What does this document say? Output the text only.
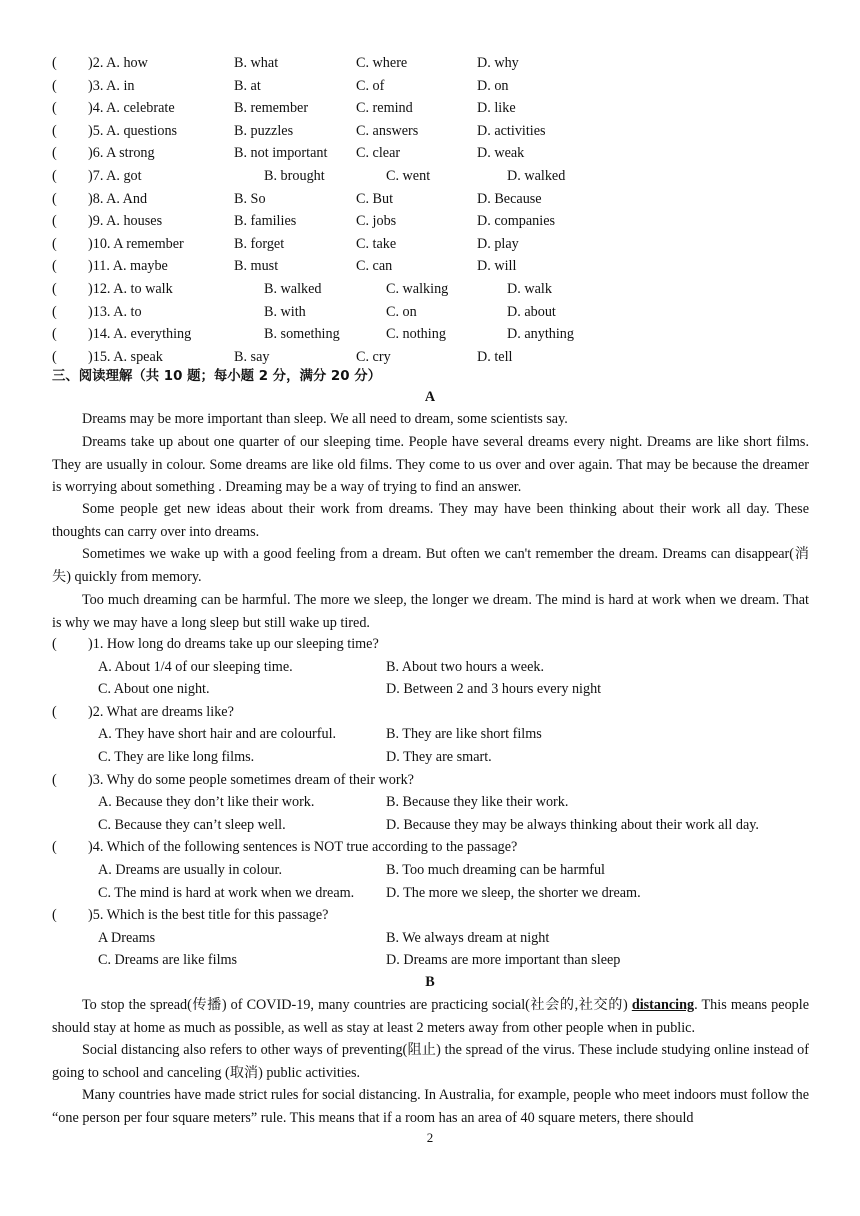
( )2. A. how	B. what	C. where	D. why
( )3. A. in	B. at	C. of	D. on
( )4. A. celebrate	B. remember	C. remind	D. like
( )5. A. questions	B. puzzles	C. answers	D. activities
( )6. A strong	B. not important C. clear	D. weak
( )7. A. got	B. brought	C. went	D. walked
( )8. A. And	B. So	C. But	D. Because
( )9. A. houses	B. families	C. jobs	D. companies
( )10. A remember	B. forget	C. take	D. play
( )11. A. maybe	B. must	C. can	D. will
( )12. A. to walk	B. walked	C. walking	D. walk
( )13. A. to	B. with	C. on	D. about
( )14. A. everything	B. something	C. nothing	D. anything
( )15. A. speak	B. say	C. cry	D. tell
三、阅读理解（共 10 题；每小题 2 分，满分 20 分）
A

Dreams may be more important than sleep. We all need to dream, some scientists say.

Dreams take up about one quarter of our sleeping time. People have several dreams every night. Dreams are like short films. They are usually in colour. Some dreams are like old films. They come to us over and over again. That may be because the dreamer is worrying about something . Dreaming may be a way of trying to find an answer.

Some people get new ideas about their work from dreams. They may have been thinking about their work all day. These thoughts can carry over into dreams.

Sometimes we wake up with a good feeling from a dream. But often we can't remember the dream. Dreams can disappear(消失) quickly from memory.

Too much dreaming can be harmful. The more we sleep, the longer we dream. The mind is hard at work when we dream. That is why we may have a long sleep but still wake up tired.

( )1. How long do dreams take up our sleeping time?
A. About 1/4 of our sleeping time.	B. About two hours a week.
C. About one night.	D. Between 2 and 3 hours every night
( )2. What are dreams like?
A. They have short hair and are colourful.	B. They are like short films
C. They are like long films.	D. They are smart.
( )3. Why do some people sometimes dream of their work?
A. Because they don’t like their work.	B. Because they like their work.
C. Because they can’t sleep well.	D. Because they may be always thinking about their work all day.
( )4. Which of the following sentences is NOT true according to the passage?
A. Dreams are usually in colour.	B. Too much dreaming can be harmful
C. The mind is hard at work when we dream. D. The more we sleep, the shorter we dream.
( )5. Which is the best title for this passage?
A Dreams	B. We always dream at night
C. Dreams are like films	D. Dreams are more important than sleep
B

To stop the spread(传播) of COVID-19, many countries are practicing social(社会的,社交的) distancing. This means people should stay at home as much as possible, as well as stay at least 2 meters away from other people when in public.

Social distancing also refers to other ways of preventing(阻止) the spread of the virus. These include studying online instead of going to school and canceling (取消) public activities.

Many countries have made strict rules for social distancing. In Australia, for example, people who meet indoors must follow the “one person per four square meters” rule. This means that if a room has an area of 40 square meters, there should

2
